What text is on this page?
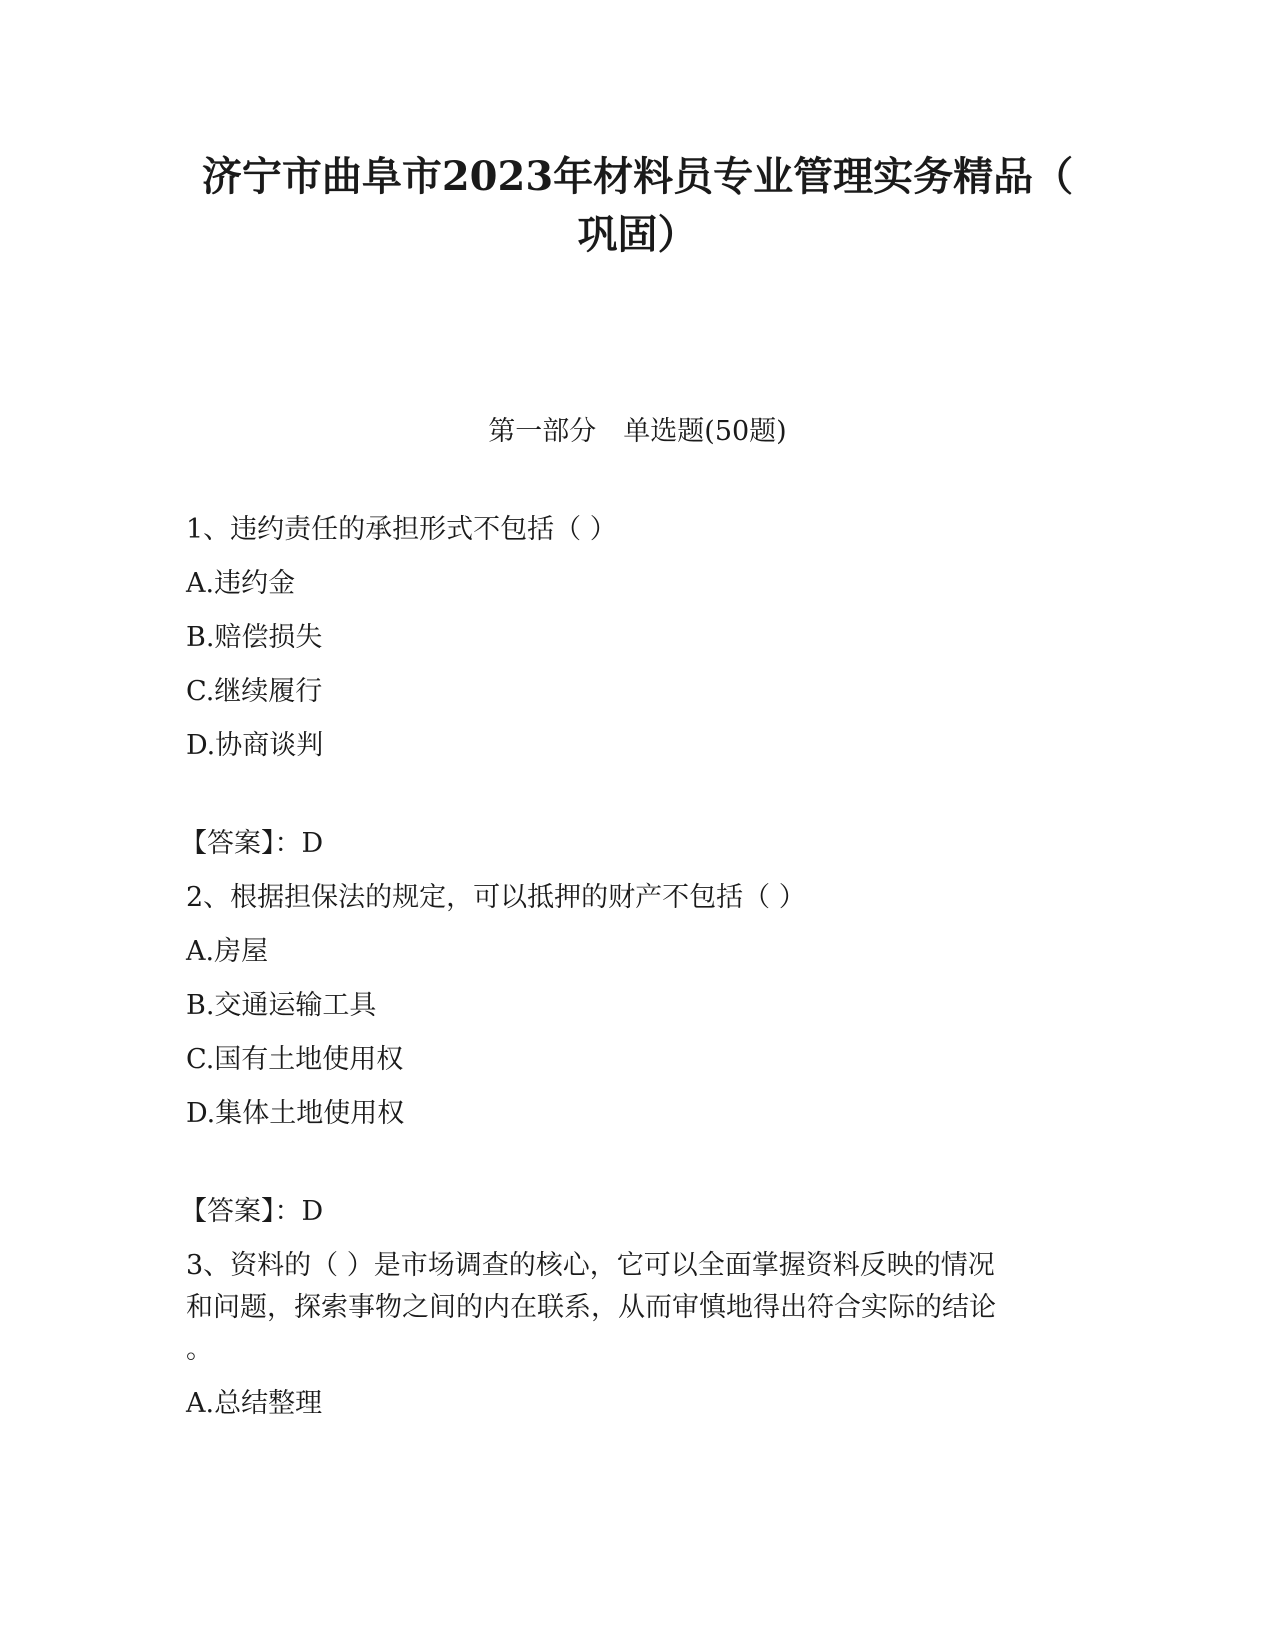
济宁市曲阜市2023年材料员专业管理实务精品（
巩固）
第一部分　单选题(50题)
1、违约责任的承担形式不包括（ ）
A.违约金
B.赔偿损失
C.继续履行
D.协商谈判
【答案】：D
2、根据担保法的规定，可以抵押的财产不包括（ ）
A.房屋
B.交通运输工具
C.国有土地使用权
D.集体土地使用权
【答案】：D
3、资料的（ ）是市场调查的核心，它可以全面掌握资料反映的情况
和问题，探索事物之间的内在联系，从而审慎地得出符合实际的结论
。
A.总结整理
